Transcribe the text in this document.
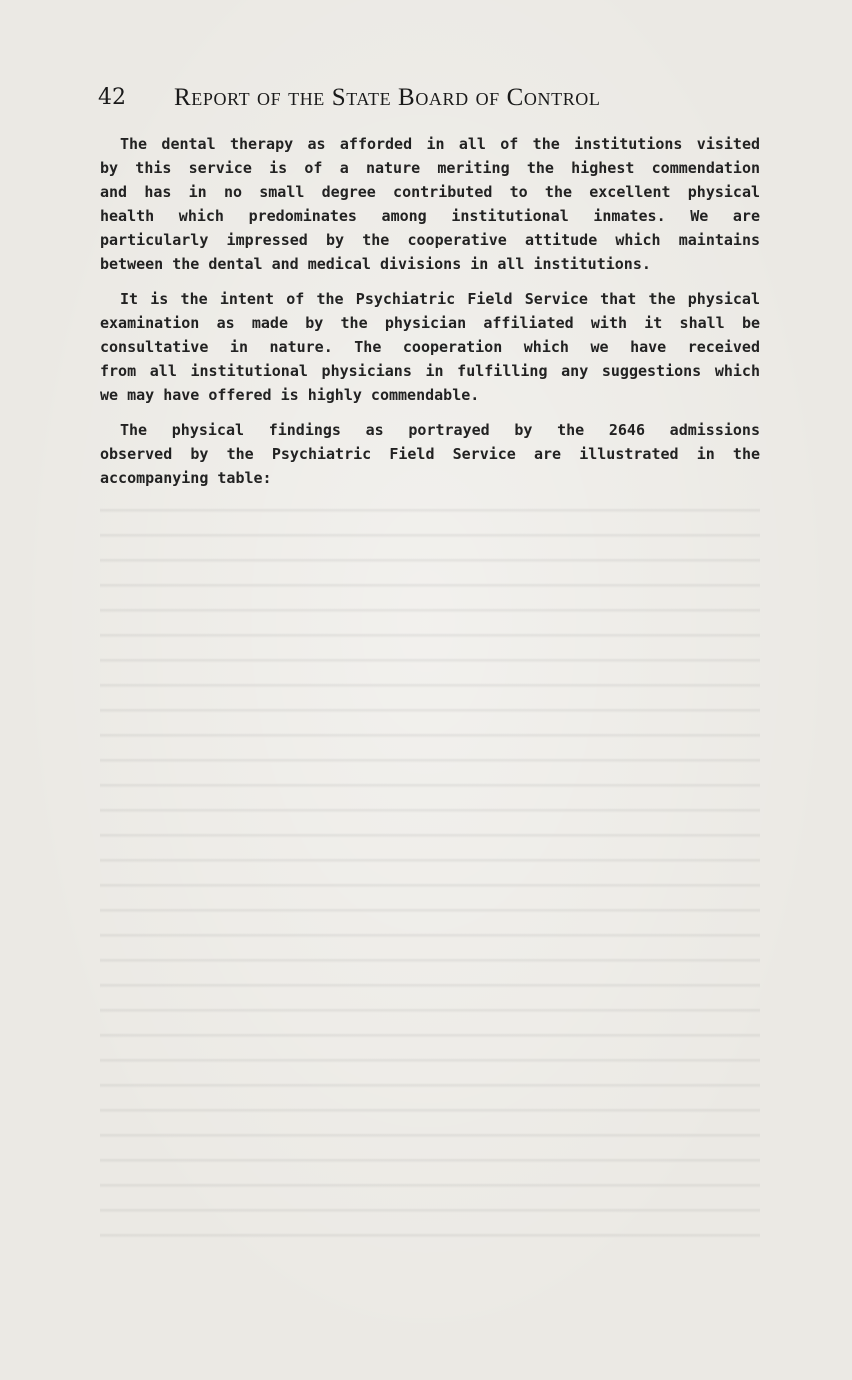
42 Report of the State Board of Control

The dental therapy as afforded in all of the institutions visited
by this service is of a nature meriting the highest commendation
and has in no small degree contributed to the excellent physical
health which predominates among institutional inmates. We are
particularly impressed by the cooperative attitude which maintains
between the dental and medical divisions in all institutions.

It is the intent of the Psychiatric Field Service that the physical
examination as made by the physician affiliated with it shall be
consultative in nature. The cooperation which we have received
from all institutional physicians in fulfilling any suggestions which
we may have offered is highly commendable.

The physical findings as portrayed by the 2646 admissions
observed by the Psychiatric Field Service are illustrated in the
accompanying table:
